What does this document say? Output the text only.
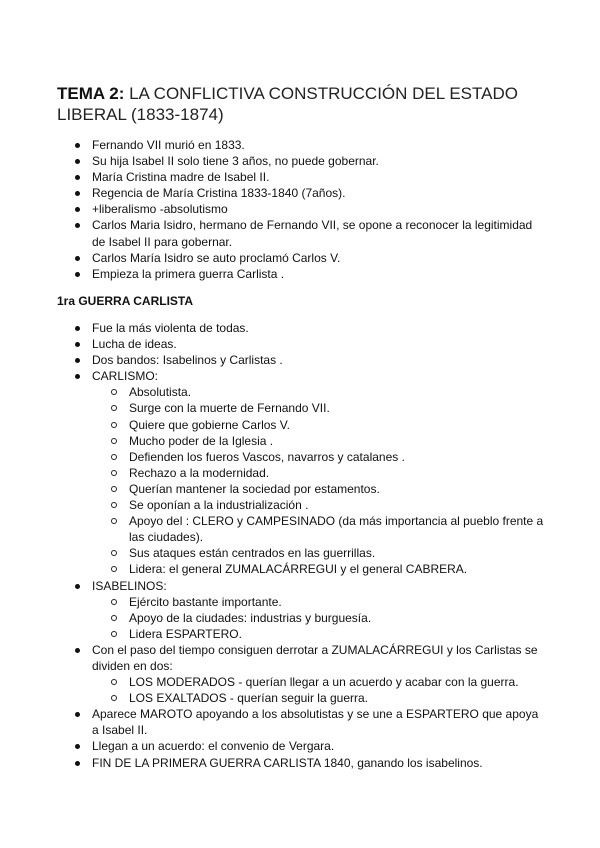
TEMA 2: LA CONFLICTIVA CONSTRUCCIÓN DEL ESTADO LIBERAL (1833-1874)
Fernando VII murió en 1833.
Su hija Isabel II solo tiene 3 años, no puede gobernar.
María Cristina madre de Isabel II.
Regencia de María Cristina 1833-1840 (7años).
+liberalismo -absolutismo
Carlos Maria Isidro, hermano de Fernando VII, se opone a reconocer la legitimidad de Isabel II para gobernar.
Carlos María Isidro se auto proclamó Carlos V.
Empieza la primera guerra Carlista .
1ra GUERRA CARLISTA
Fue la más violenta de todas.
Lucha de ideas.
Dos bandos: Isabelinos y Carlistas .
CARLISMO:
Absolutista.
Surge con la muerte de Fernando VII.
Quiere que gobierne Carlos V.
Mucho poder de la Iglesia .
Defienden los fueros Vascos, navarros y catalanes .
Rechazo a la modernidad.
Querían mantener la sociedad por estamentos.
Se oponían a la industrialización .
Apoyo del : CLERO y CAMPESINADO (da más importancia al pueblo frente a las ciudades).
Sus ataques están centrados en las guerrillas.
Lidera: el general ZUMALACÁRREGUI y el general CABRERA.
ISABELINOS:
Ejército bastante importante.
Apoyo de la ciudades: industrias y burguesía.
Lidera ESPARTERO.
Con el paso del tiempo consiguen derrotar a ZUMALACÁRREGUI y los Carlistas se dividen en dos:
LOS MODERADOS - querían llegar a un acuerdo y acabar con la guerra.
LOS EXALTADOS - querían seguir la guerra.
Aparece MAROTO apoyando a los absolutistas y se une a ESPARTERO que apoya a Isabel II.
Llegan a un acuerdo: el convenio de Vergara.
FIN DE LA PRIMERA GUERRA CARLISTA 1840, ganando los isabelinos.
